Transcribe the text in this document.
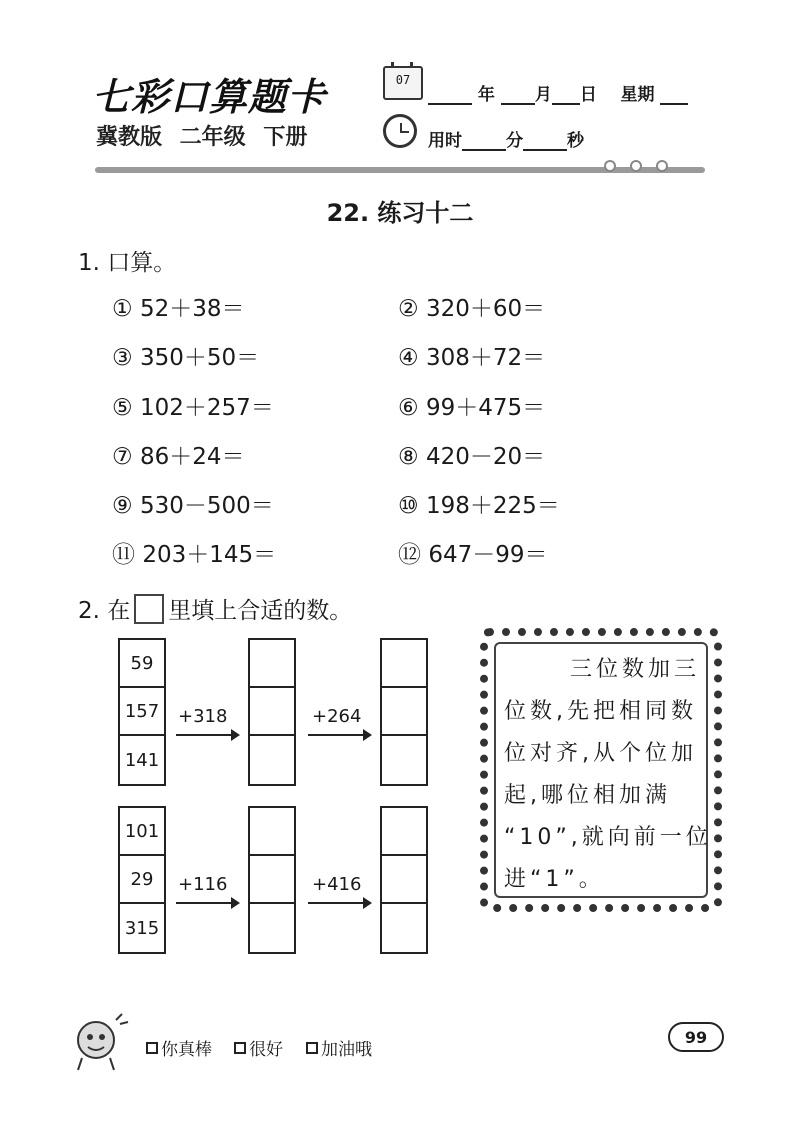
七彩口算题卡
冀教版 二年级 下册
07
年 月 日 星期
用时	分	秒
22. 练习十二
1. 口算。
① 52＋38＝	② 320＋60＝
③ 350＋50＝	④ 308＋72＝
⑤ 102＋257＝	⑥ 99＋475＝
⑦ 86＋24＝	⑧ 420－20＝
⑨ 530－500＝	⑩ 198＋225＝
⑪ 203＋145＝	⑫ 647－99＝
2. 在 里填上合适的数。
59
157
141
+318	+264
101
29
315
+116	+416
三位数加三
位数,先把相同数
位对齐,从个位加
起,哪位相加满
“10”,就向前一位
进“1”。
你真棒 很好 加油哦
99
